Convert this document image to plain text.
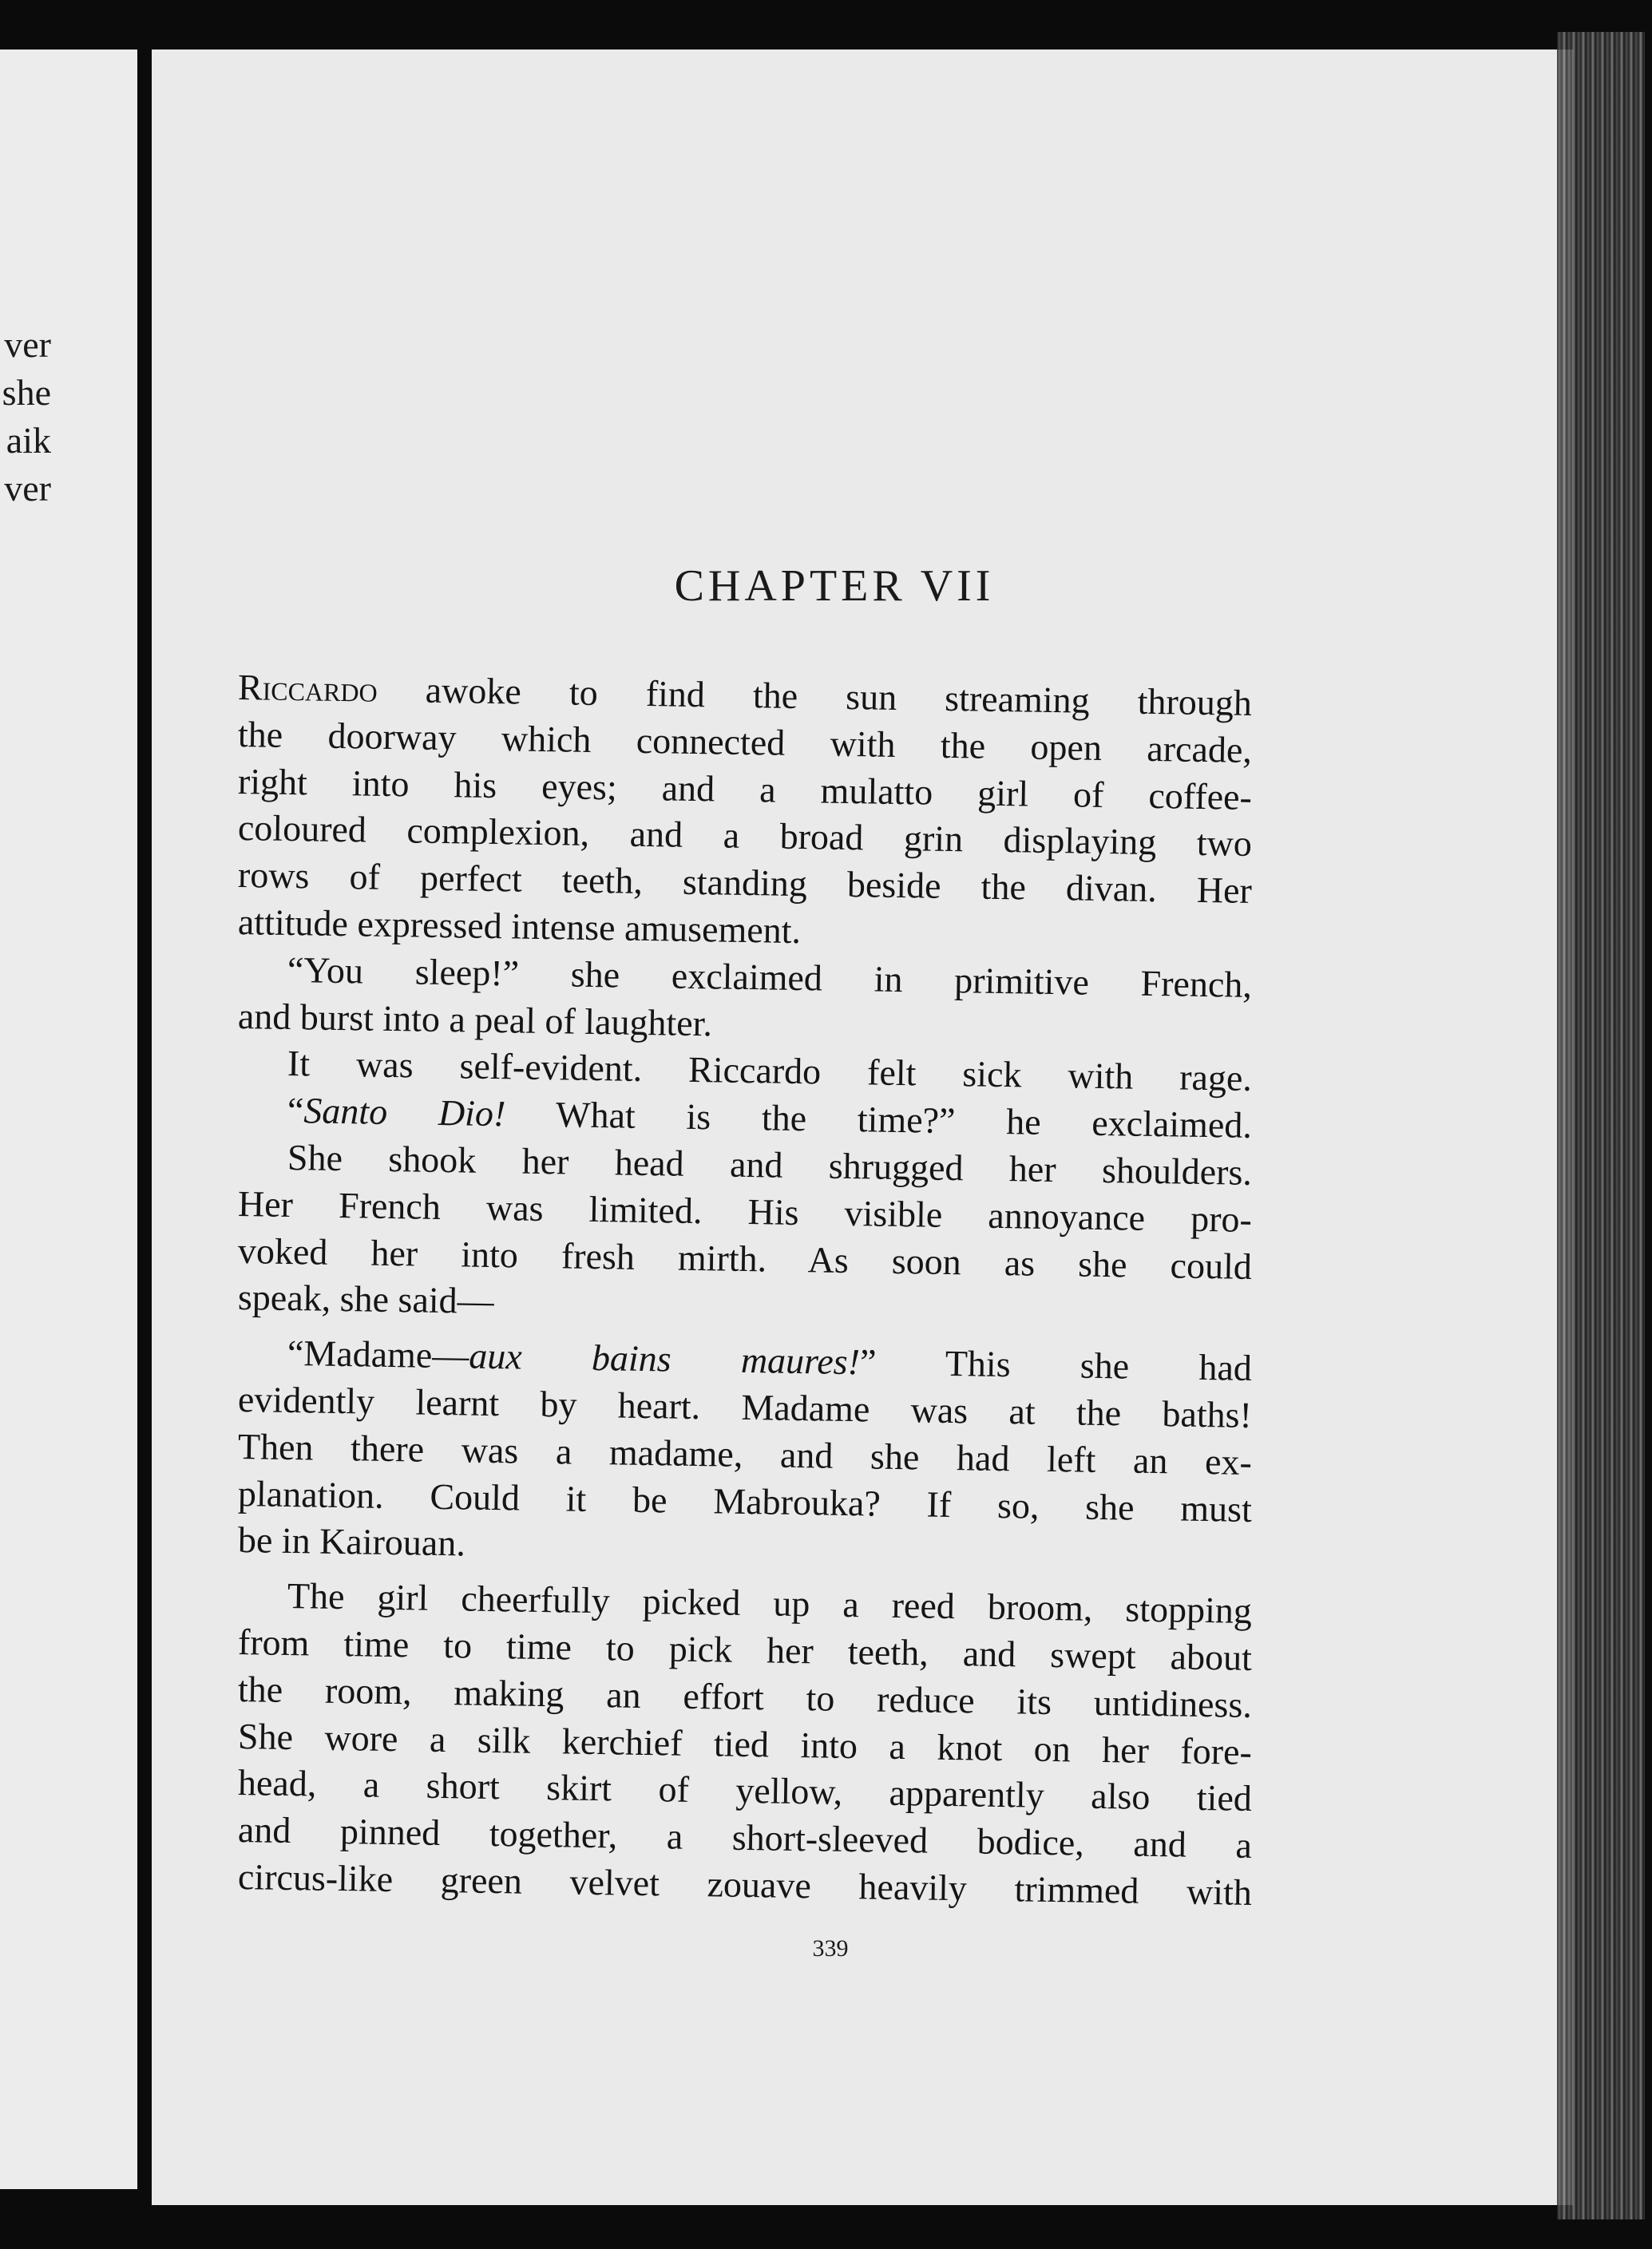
ver
she
aik
ver
CHAPTER VII
Riccardo awoke to find the sun streaming through
the doorway which connected with the open arcade,
right into his eyes; and a mulatto girl of coffee-
coloured complexion, and a broad grin displaying two
rows of perfect teeth, standing beside the divan. Her
attitude expressed intense amusement.
“You sleep!” she exclaimed in primitive French,
and burst into a peal of laughter.
It was self-evident. Riccardo felt sick with rage.
“Santo Dio! What is the time?” he exclaimed.
She shook her head and shrugged her shoulders.
Her French was limited. His visible annoyance pro-
voked her into fresh mirth. As soon as she could
speak, she said—
“Madame—aux bains maures!” This she had
evidently learnt by heart. Madame was at the baths!
Then there was a madame, and she had left an ex-
planation. Could it be Mabrouka? If so, she must
be in Kairouan.
The girl cheerfully picked up a reed broom, stopping
from time to time to pick her teeth, and swept about
the room, making an effort to reduce its untidiness.
She wore a silk kerchief tied into a knot on her fore-
head, a short skirt of yellow, apparently also tied
and pinned together, a short-sleeved bodice, and a
circus-like green velvet zouave heavily trimmed with
339
